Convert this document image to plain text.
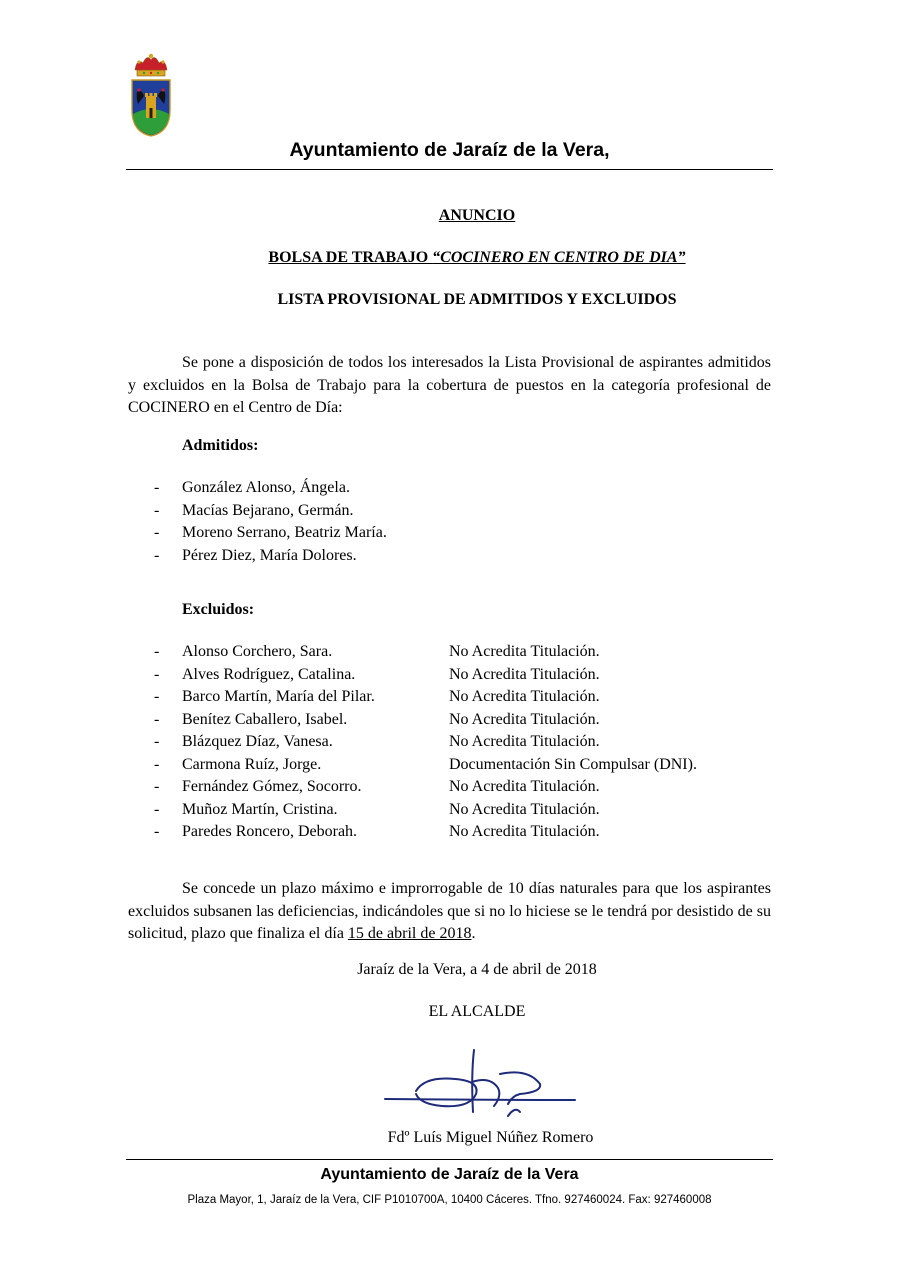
Ayuntamiento de Jaraíz de la Vera,
ANUNCIO
BOLSA DE TRABAJO “COCINERO EN CENTRO DE DIA”
LISTA PROVISIONAL DE ADMITIDOS Y EXCLUIDOS
Se pone a disposición de todos los interesados la Lista Provisional de aspirantes admitidos y excluidos en la Bolsa de Trabajo para la cobertura de puestos en la categoría profesional de COCINERO en el Centro de Día:
Admitidos:
- González Alonso, Ángela.
- Macías Bejarano, Germán.
- Moreno Serrano, Beatriz María.
- Pérez Diez, María Dolores.
Excluidos:
- Alonso Corchero, Sara.	No Acredita Titulación.
- Alves Rodríguez, Catalina.	No Acredita Titulación.
- Barco Martín, María del Pilar.	No Acredita Titulación.
- Benítez Caballero, Isabel.	No Acredita Titulación.
- Blázquez Díaz, Vanesa.	No Acredita Titulación.
- Carmona Ruíz, Jorge.	Documentación Sin Compulsar (DNI).
- Fernández Gómez, Socorro.	No Acredita Titulación.
- Muñoz Martín, Cristina.	No Acredita Titulación.
- Paredes Roncero, Deborah.	No Acredita Titulación.
Se concede un plazo máximo e improrrogable de 10 días naturales para que los aspirantes excluidos subsanen las deficiencias, indicándoles que si no lo hiciese se le tendrá por desistido de su solicitud, plazo que finaliza el día 15 de abril de 2018.
Jaraíz de la Vera, a 4 de abril de 2018
EL ALCALDE
Fdº Luís Miguel Núñez Romero
Ayuntamiento de Jaraíz de la Vera
Plaza Mayor, 1, Jaraíz de la Vera, CIF P1010700A, 10400 Cáceres. Tfno. 927460024. Fax: 927460008
